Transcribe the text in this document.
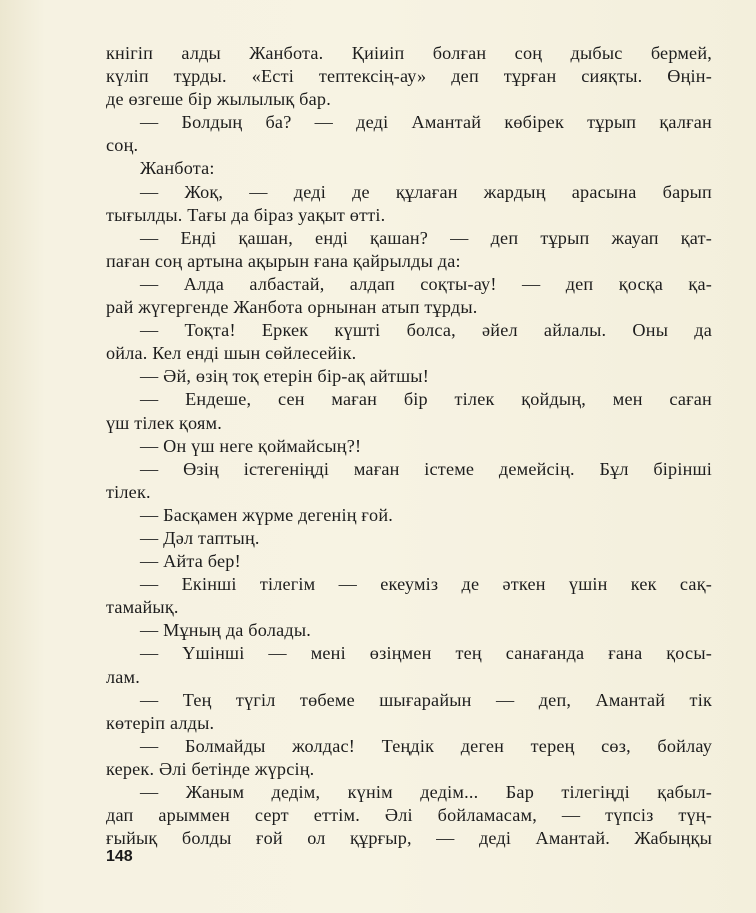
кнігіп алды Жанбота. Қиіиіп болған соң дыбыс бермей,
күліп тұрды. «Есті тептексің-ау» деп тұрған сияқты. Өңін-
де өзгеше бір жылылық бар.
— Болдың ба? — деді Амантай көбірек тұрып қалған
соң.
Жанбота:
— Жоқ, — деді де құлаған жардың арасына барып
тығылды. Тағы да біраз уақыт өтті.
— Енді қашан, енді қашан? — деп тұрып жауап қат-
паған соң артына ақырын ғана қайрылды да:
— Алда албастай, алдап соқты-ау! — деп қосқа қа-
рай жүгергенде Жанбота орнынан атып тұрды.
— Тоқта! Еркек күшті болса, әйел айлалы. Оны да
ойла. Кел енді шын сөйлесейік.
— Әй, өзің тоқ етерін бір-ақ айтшы!
— Ендеше, сен маған бір тілек қойдың, мен саған
үш тілек қоям.
— Он үш неге қоймайсың?!
— Өзің істегеніңді маған істеме демейсің. Бұл бірінші
тілек.
— Басқамен жүрме дегенің ғой.
— Дәл таптың.
— Айта бер!
— Екінші тілегім — екеуміз де әткен үшін кек сақ-
тамайық.
— Мұның да болады.
— Үшінші — мені өзіңмен тең санағанда ғана қосы-
лам.
— Тең түгіл төбеме шығарайын — деп, Амантай тік
көтеріп алды.
— Болмайды жолдас! Теңдік деген терең сөз, бойлау
керек. Әлі бетінде жүрсің.
— Жаным дедім, күнім дедім... Бар тілегіңді қабыл-
дап арыммен серт еттім. Әлі бойламасам, — түпсіз түң-
ғыйық болды ғой ол құрғыр, — деді Амантай. Жабыңқы
148
